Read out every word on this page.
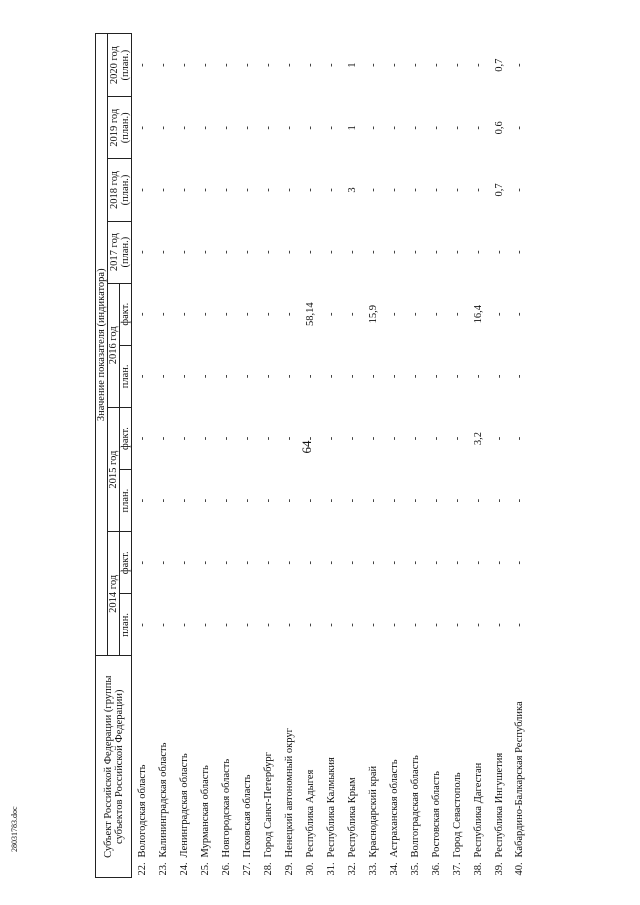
64
2803178З.doc	Субъект Российской Федерации (группы субъектов Российской Федерации)		Значение показателя (индикатора)									
		2014 год		2015 год		2016 год		2017 год (план.)	2018 год (план.)	2019 год (план.)	2020 год (план.)
		план.	факт.	план.	факт.	план.	факт.				
22.	Вологодская область	-	-	-	-	-	-	-	-	-	-
23.	Калининградская область	-	-	-	-	-	-	-	-	-	-
24.	Ленинградская область	-	-	-	-	-	-	-	-	-	-
25.	Мурманская область	-	-	-	-	-	-	-	-	-	-
26.	Новгородская область	-	-	-	-	-	-	-	-	-	-
27.	Псковская область	-	-	-	-	-	-	-	-	-	-
28.	Город Санкт-Петербург	-	-	-	-	-	-	-	-	-	-
29.	Ненецкий автономный округ	-	-	-	-	-	-	-	-	-	-
30.	Республика Адыгея	-	-	-	-	-	58,14	-	-	-	-
31.	Республика Калмыкия	-	-	-	-	-	-	-	-	-	-
32.	Республика Крым	-	-	-	-	-	-	-	3	1	1
33.	Краснодарский край	-	-	-	-	-	15,9	-	-	-	-
34.	Астраханская область	-	-	-	-	-	-	-	-	-	-
35.	Волгоградская область	-	-	-	-	-	-	-	-	-	-
36.	Ростовская область	-	-	-	-	-	-	-	-	-	-
37.	Город Севастополь	-	-	-	-	-	-	-	-	-	-
38.	Республика Дагестан	-	-	-	3,2	-	16,4	-	-	-	-
39.	Республика Ингушетия	-	-	-	-	-	-	-	0,7	0,6	0,7
40.	Кабардино-Балкарская Республика	-	-	-	-	-	-	-	-	-	-
